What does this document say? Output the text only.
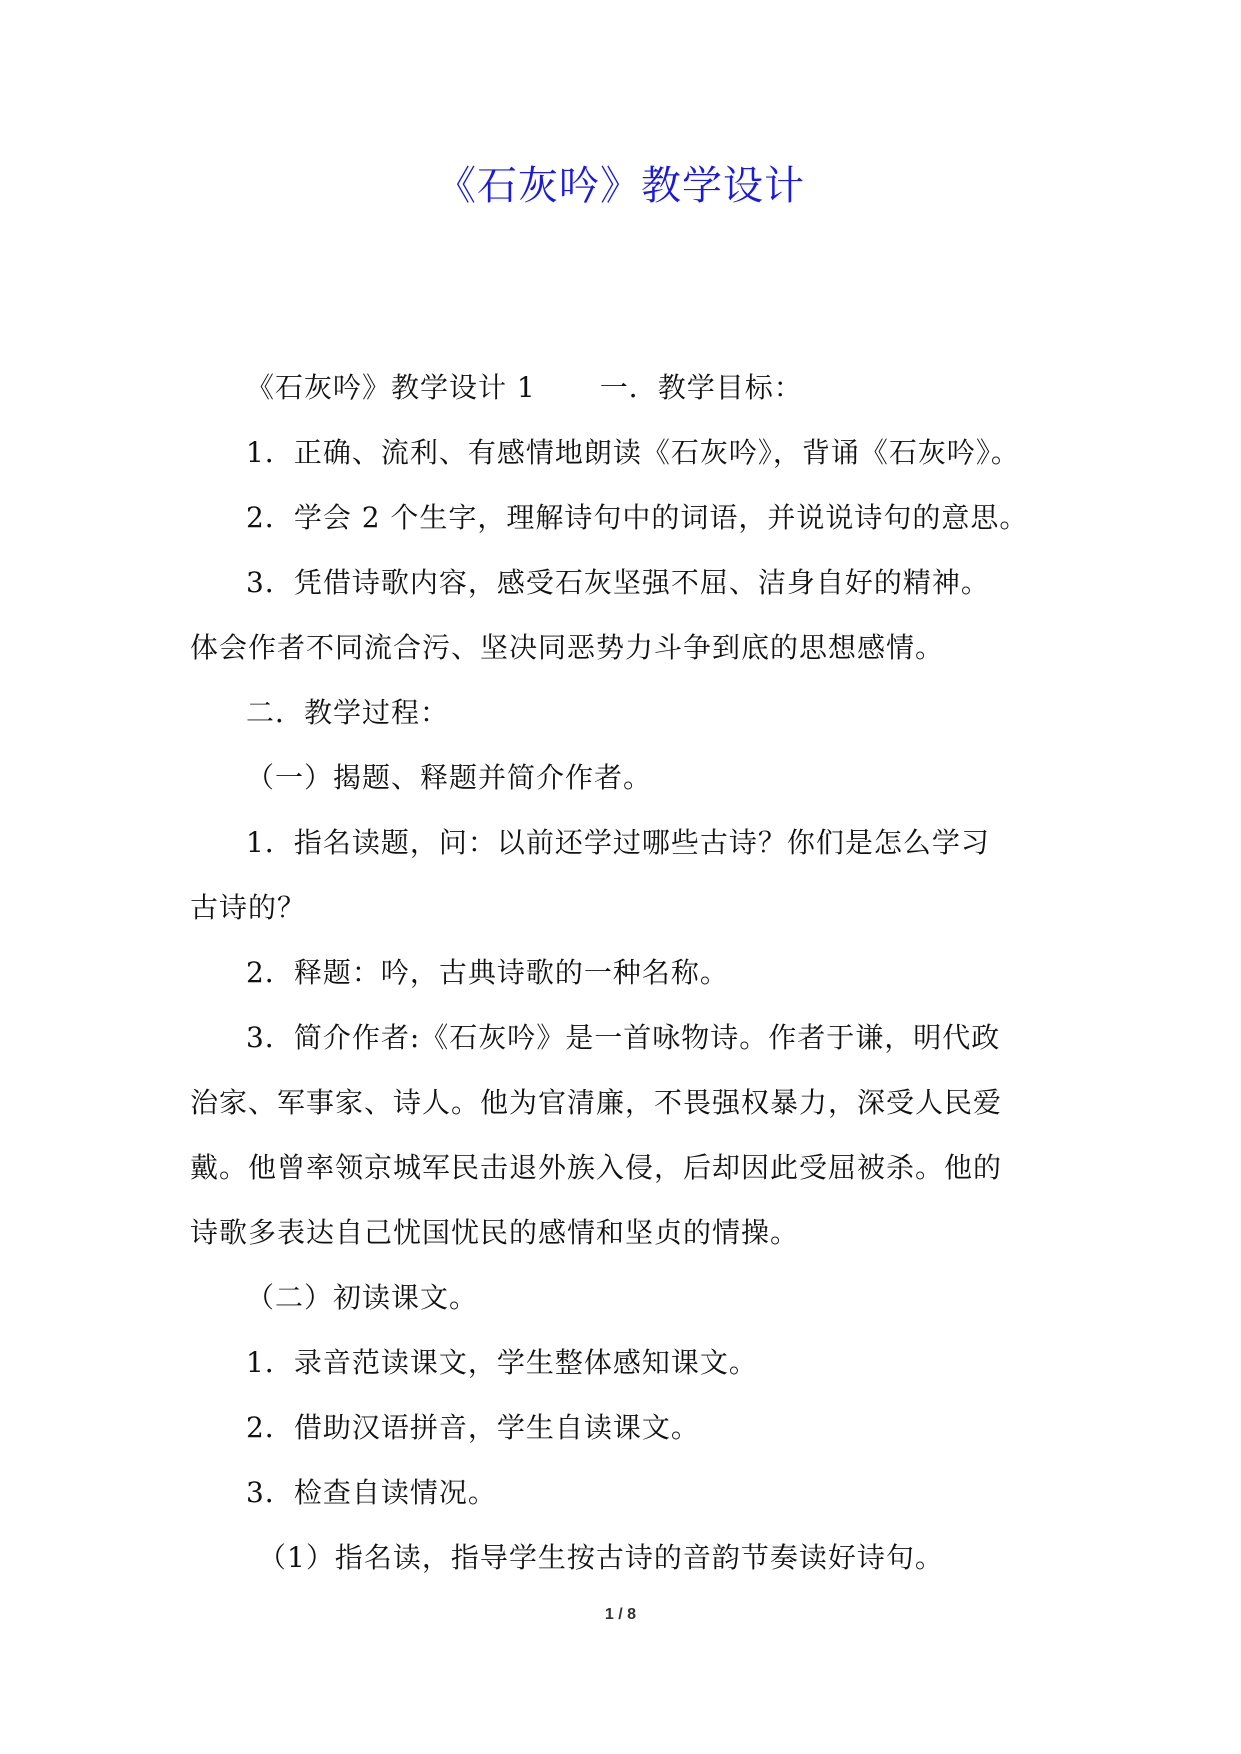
《石灰吟》教学设计
《石灰吟》教学设计 1 一．教学目标：
1．正确、流利、有感情地朗读《石灰吟》，背诵《石灰吟》。
2．学会 2 个生字，理解诗句中的词语，并说说诗句的意思。
3．凭借诗歌内容，感受石灰坚强不屈、洁身自好的精神。
体会作者不同流合污、坚决同恶势力斗争到底的思想感情。
二．教学过程：
（一）揭题、释题并简介作者。
1．指名读题，问：以前还学过哪些古诗？你们是怎么学习
古诗的？
2．释题：吟，古典诗歌的一种名称。
3．简介作者:《石灰吟》是一首咏物诗。作者于谦，明代政
治家、军事家、诗人。他为官清廉，不畏强权暴力，深受人民爱
戴。他曾率领京城军民击退外族入侵，后却因此受屈被杀。他的
诗歌多表达自己忧国忧民的感情和坚贞的情操。
（二）初读课文。
1．录音范读课文，学生整体感知课文。
2．借助汉语拼音，学生自读课文。
3．检查自读情况。
（1）指名读，指导学生按古诗的音韵节奏读好诗句。
1 / 8
